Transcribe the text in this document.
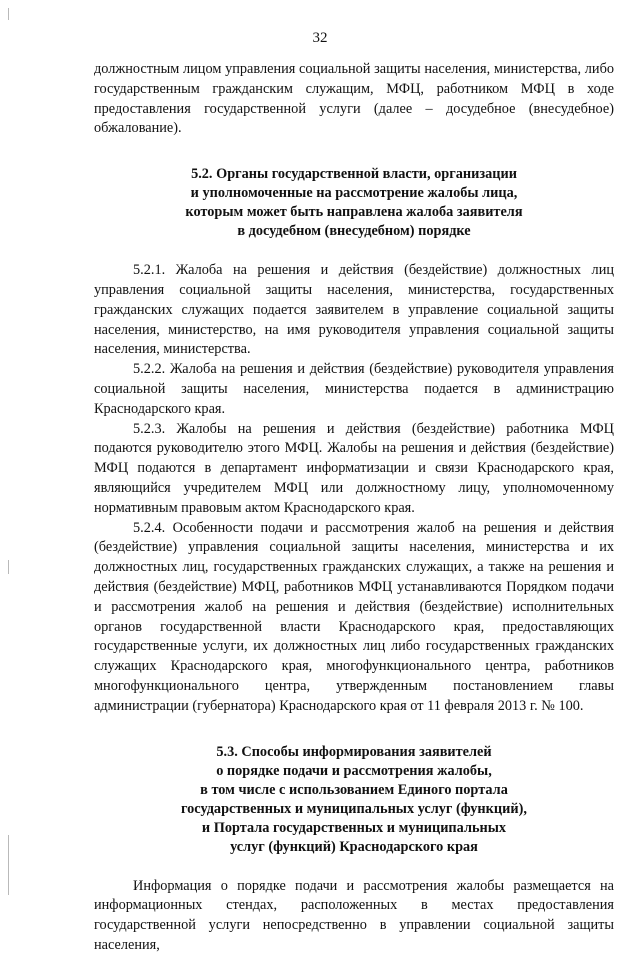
32

должностным лицом управления социальной защиты населения, министерства, либо государственным гражданским служащим, МФЦ, работником МФЦ в ходе предоставления государственной услуги (далее – досудебное (внесудебное) обжалование).

5.2. Органы государственной власти, организации
и уполномоченные на рассмотрение жалобы лица,
которым может быть направлена жалоба заявителя
в досудебном (внесудебном) порядке

5.2.1. Жалоба на решения и действия (бездействие) должностных лиц управления социальной защиты населения, министерства, государственных гражданских служащих подается заявителем в управление социальной защиты населения, министерство, на имя руководителя управления социальной защиты населения, министерства.

5.2.2. Жалоба на решения и действия (бездействие) руководителя управления социальной защиты населения, министерства подается в администрацию Краснодарского края.

5.2.3. Жалобы на решения и действия (бездействие) работника МФЦ подаются руководителю этого МФЦ. Жалобы на решения и действия (бездействие) МФЦ подаются в департамент информатизации и связи Краснодарского края, являющийся учредителем МФЦ или должностному лицу, уполномоченному нормативным правовым актом Краснодарского края.

5.2.4. Особенности подачи и рассмотрения жалоб на решения и действия (бездействие) управления социальной защиты населения, министерства и их должностных лиц, государственных гражданских служащих, а также на решения и действия (бездействие) МФЦ, работников МФЦ устанавливаются Порядком подачи и рассмотрения жалоб на решения и действия (бездействие) исполнительных органов государственной власти Краснодарского края, предоставляющих государственные услуги, их должностных лиц либо государственных гражданских служащих Краснодарского края, многофункционального центра, работников многофункционального центра, утвержденным постановлением главы администрации (губернатора) Краснодарского края от 11 февраля 2013 г. № 100.

5.3. Способы информирования заявителей
о порядке подачи и рассмотрения жалобы,
в том числе с использованием Единого портала
государственных и муниципальных услуг (функций),
и Портала государственных и муниципальных
услуг (функций) Краснодарского края

Информация о порядке подачи и рассмотрения жалобы размещается на информационных стендах, расположенных в местах предоставления государственной услуги непосредственно в управлении социальной защиты населения,
